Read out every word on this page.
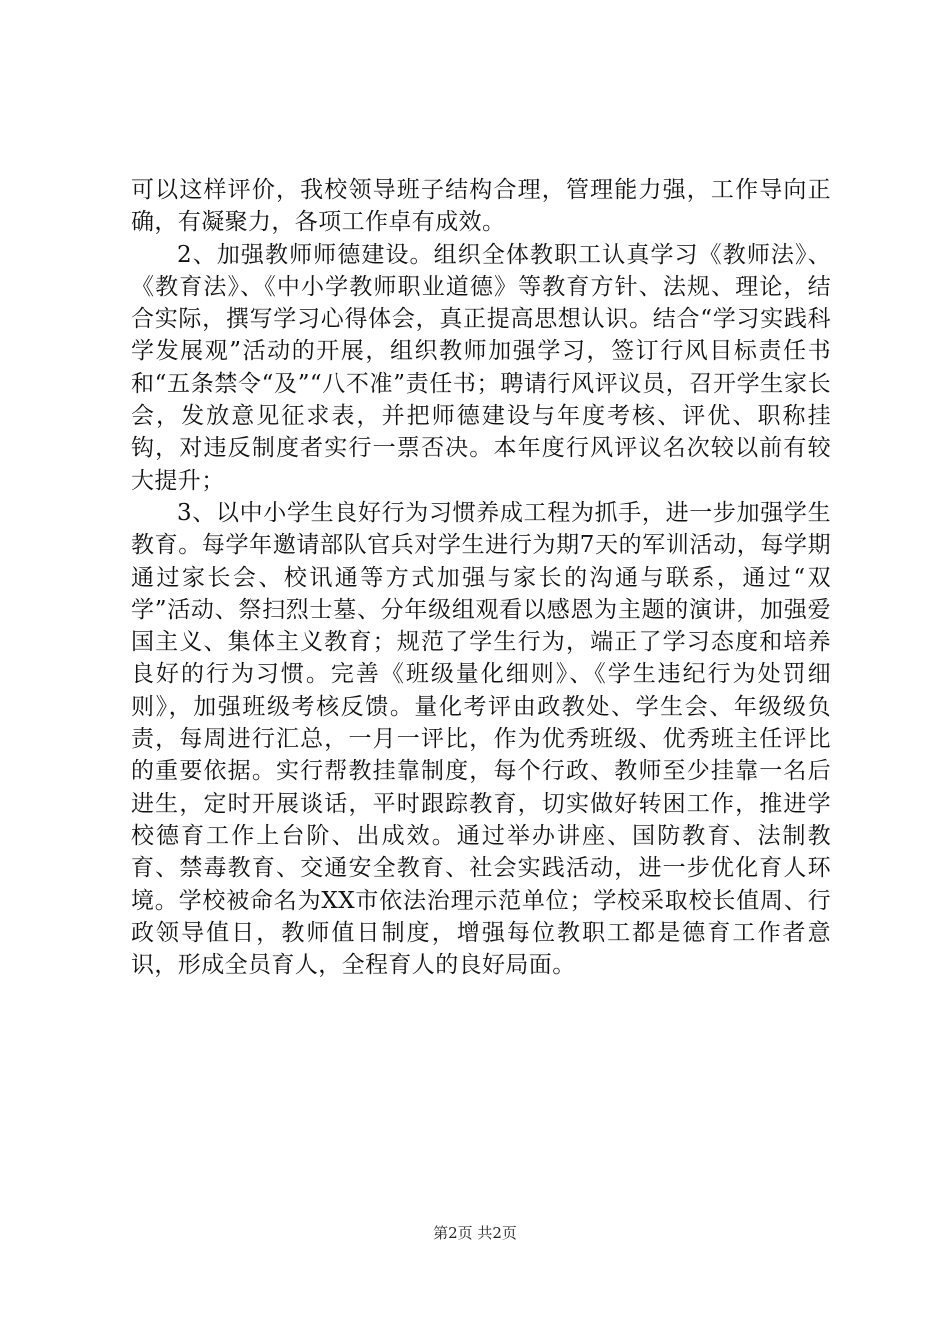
可以这样评价，我校领导班子结构合理，管理能力强，工作导向正确，有凝聚力，各项工作卓有成效。

2、加强教师师德建设。组织全体教职工认真学习《教师法》、《教育法》、《中小学教师职业道德》等教育方针、法规、理论，结合实际，撰写学习心得体会，真正提高思想认识。结合“学习实践科学发展观”活动的开展，组织教师加强学习，签订行风目标责任书和“五条禁令“及”“八不准”责任书；聘请行风评议员，召开学生家长会，发放意见征求表，并把师德建设与年度考核、评优、职称挂钩，对违反制度者实行一票否决。本年度行风评议名次较以前有较大提升；

3、以中小学生良好行为习惯养成工程为抓手，进一步加强学生教育。每学年邀请部队官兵对学生进行为期7天的军训活动，每学期通过家长会、校讯通等方式加强与家长的沟通与联系，通过“双学”活动、祭扫烈士墓、分年级组观看以感恩为主题的演讲，加强爱国主义、集体主义教育；规范了学生行为，端正了学习态度和培养良好的行为习惯。完善《班级量化细则》、《学生违纪行为处罚细则》，加强班级考核反馈。量化考评由政教处、学生会、年级级负责，每周进行汇总，一月一评比，作为优秀班级、优秀班主任评比的重要依据。实行帮教挂靠制度，每个行政、教师至少挂靠一名后进生，定时开展谈话，平时跟踪教育，切实做好转困工作，推进学校德育工作上台阶、出成效。通过举办讲座、国防教育、法制教育、禁毒教育、交通安全教育、社会实践活动，进一步优化育人环境。学校被命名为XX市依法治理示范单位；学校采取校长值周、行政领导值日，教师值日制度，增强每位教职工都是德育工作者意识，形成全员育人，全程育人的良好局面。

第2页 共2页
